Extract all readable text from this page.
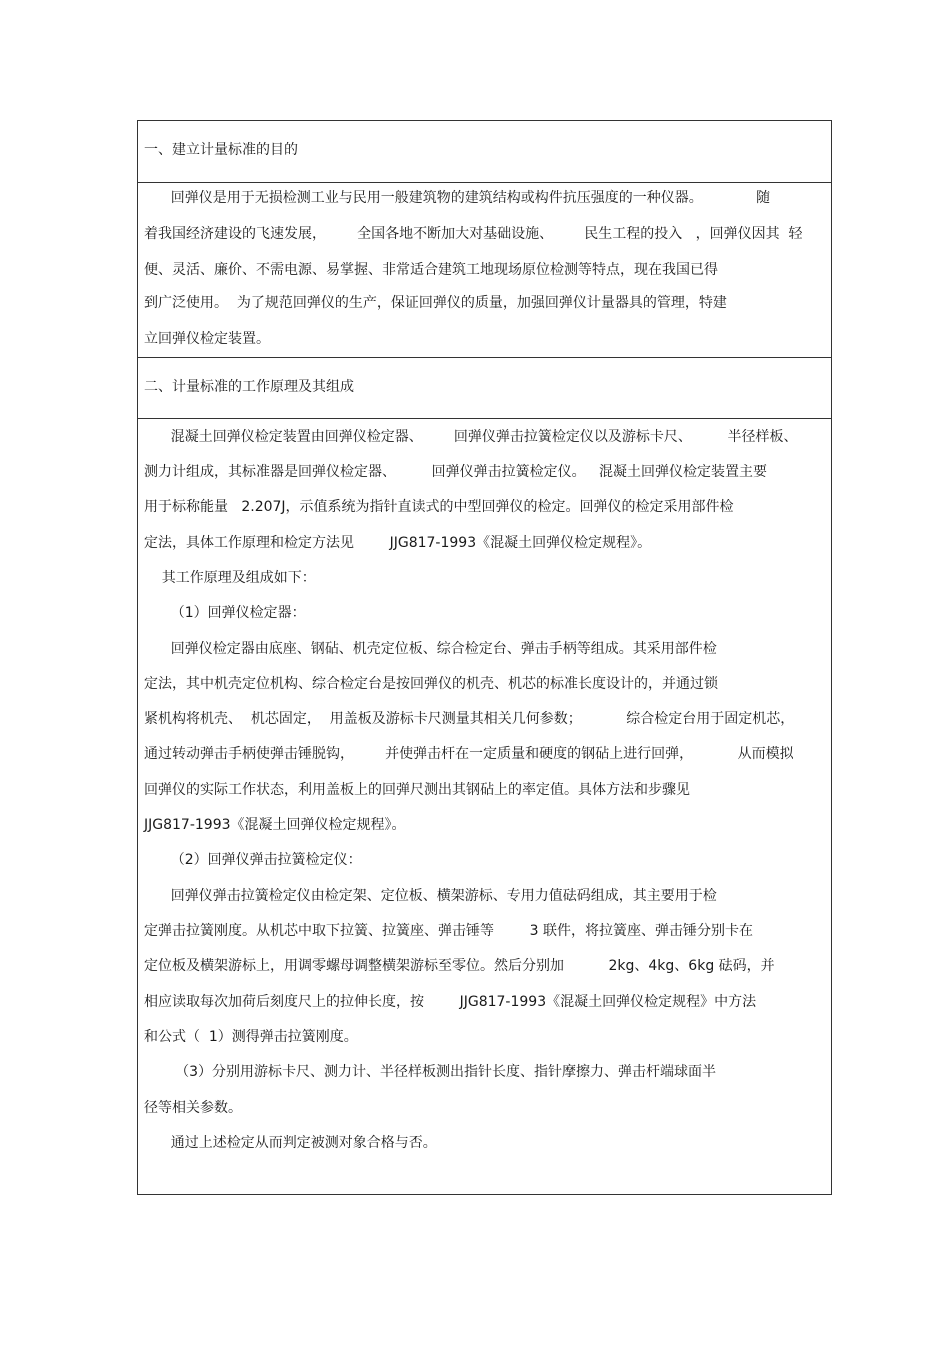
一、建立计量标准的目的
回弹仪是用于无损检测工业与民用一般建筑物的建筑结构或构件抗压强度的一种仪器。            随
着我国经济建设的飞速发展，       全国各地不断加大对基础设施、       民生工程的投入   ，回弹仪因其  轻
便、灵活、廉价、不需电源、易掌握、非常适合建筑工地现场原位检测等特点，现在我国已得
到广泛使用。  为了规范回弹仪的生产，保证回弹仪的质量，加强回弹仪计量器具的管理，特建
立回弹仪检定装置。
二、计量标准的工作原理及其组成
混凝土回弹仪检定装置由回弹仪检定器、       回弹仪弹击拉簧检定仪以及游标卡尺、        半径样板、
测力计组成，其标准器是回弹仪检定器、        回弹仪弹击拉簧检定仪。   混凝土回弹仪检定装置主要
用于标称能量   2.207J，示值系统为指针直读式的中型回弹仪的检定。回弹仪的检定采用部件检
定法，具体工作原理和检定方法见        JJG817-1993《混凝土回弹仪检定规程》。
其工作原理及组成如下：
（1）回弹仪检定器：
回弹仪检定器由底座、钢砧、机壳定位板、综合检定台、弹击手柄等组成。其采用部件检
定法，其中机壳定位机构、综合检定台是按回弹仪的机壳、机芯的标准长度设计的，并通过锁
紧机构将机壳、  机芯固定，  用盖板及游标卡尺测量其相关几何参数；          综合检定台用于固定机芯，
通过转动弹击手柄使弹击锤脱钩，       并使弹击杆在一定质量和硬度的钢砧上进行回弹，          从而模拟
回弹仪的实际工作状态，利用盖板上的回弹尺测出其钢砧上的率定值。具体方法和步骤见
JJG817-1993《混凝土回弹仪检定规程》。
（2）回弹仪弹击拉簧检定仪：
回弹仪弹击拉簧检定仪由检定架、定位板、横架游标、专用力值砝码组成，其主要用于检
定弹击拉簧刚度。从机芯中取下拉簧、拉簧座、弹击锤等        3 联件，将拉簧座、弹击锤分别卡在
定位板及横架游标上，用调零螺母调整横架游标至零位。然后分别加          2kg、4kg、6kg 砝码，并
相应读取每次加荷后刻度尺上的拉伸长度，按        JJG817-1993《混凝土回弹仪检定规程》中方法
和公式（  1）测得弹击拉簧刚度。
（3）分别用游标卡尺、测力计、半径样板测出指针长度、指针摩擦力、弹击杆端球面半
径等相关参数。
通过上述检定从而判定被测对象合格与否。
